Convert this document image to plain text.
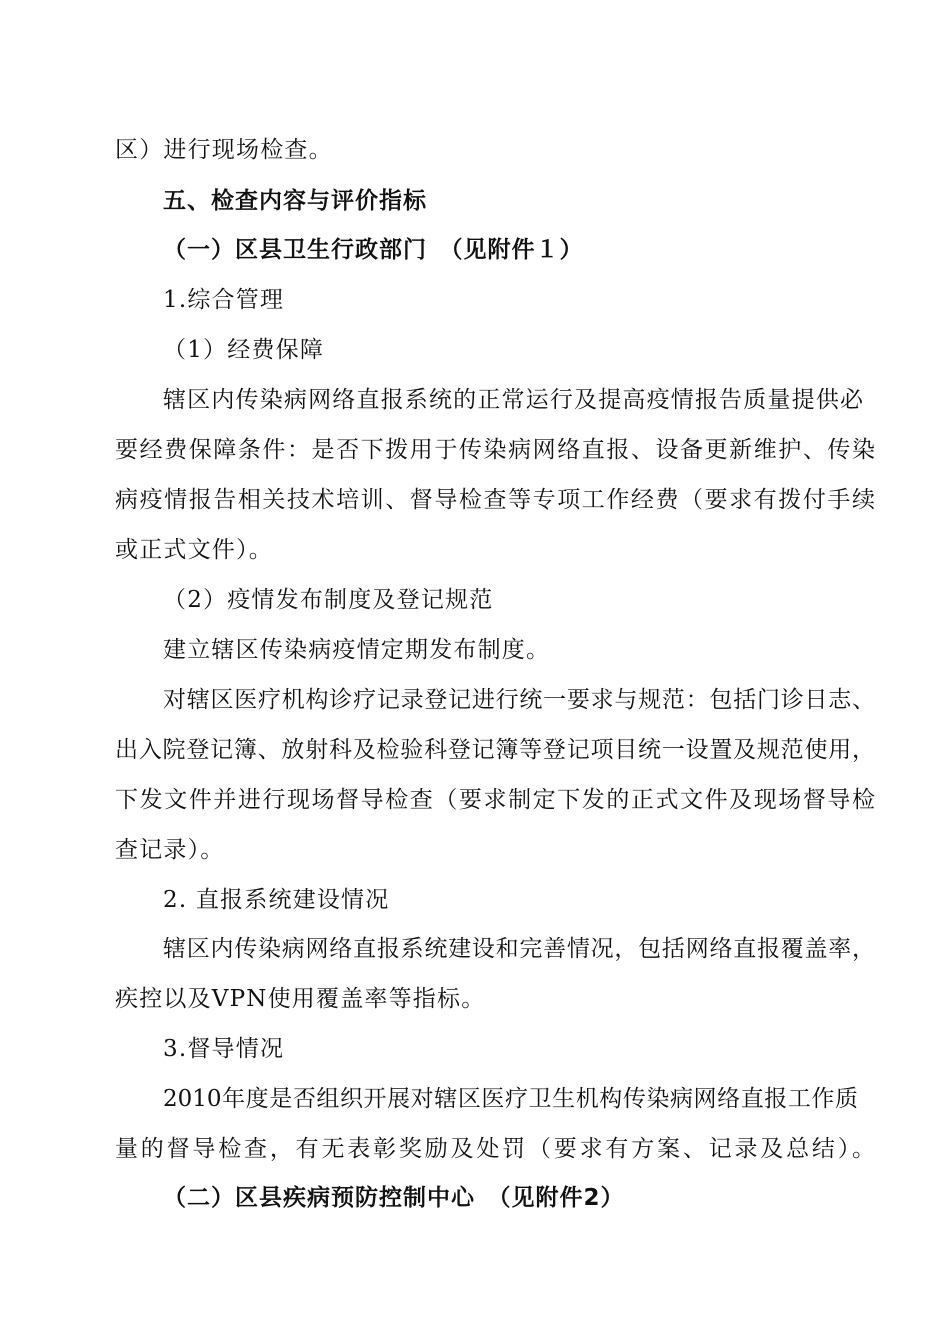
区）进行现场检查。
五、检查内容与评价指标
（一）区县卫生行政部门　（见附件１）
1.综合管理
（1）经费保障
辖区内传染病网络直报系统的正常运行及提高疫情报告质量提供必
要经费保障条件：是否下拨用于传染病网络直报、设备更新维护、传染
病疫情报告相关技术培训、督导检查等专项工作经费（要求有拨付手续
或正式文件）。
（2）疫情发布制度及登记规范
建立辖区传染病疫情定期发布制度。
对辖区医疗机构诊疗记录登记进行统一要求与规范：包括门诊日志、
出入院登记簿、放射科及检验科登记簿等登记项目统一设置及规范使用，
下发文件并进行现场督导检查（要求制定下发的正式文件及现场督导检
查记录）。
2. 直报系统建设情况
辖区内传染病网络直报系统建设和完善情况，包括网络直报覆盖率，
疾控以及VPN使用覆盖率等指标。
3.督导情况
2010年度是否组织开展对辖区医疗卫生机构传染病网络直报工作质
量的督导检查，有无表彰奖励及处罚（要求有方案、记录及总结）。
（二）区县疾病预防控制中心　（见附件2）
